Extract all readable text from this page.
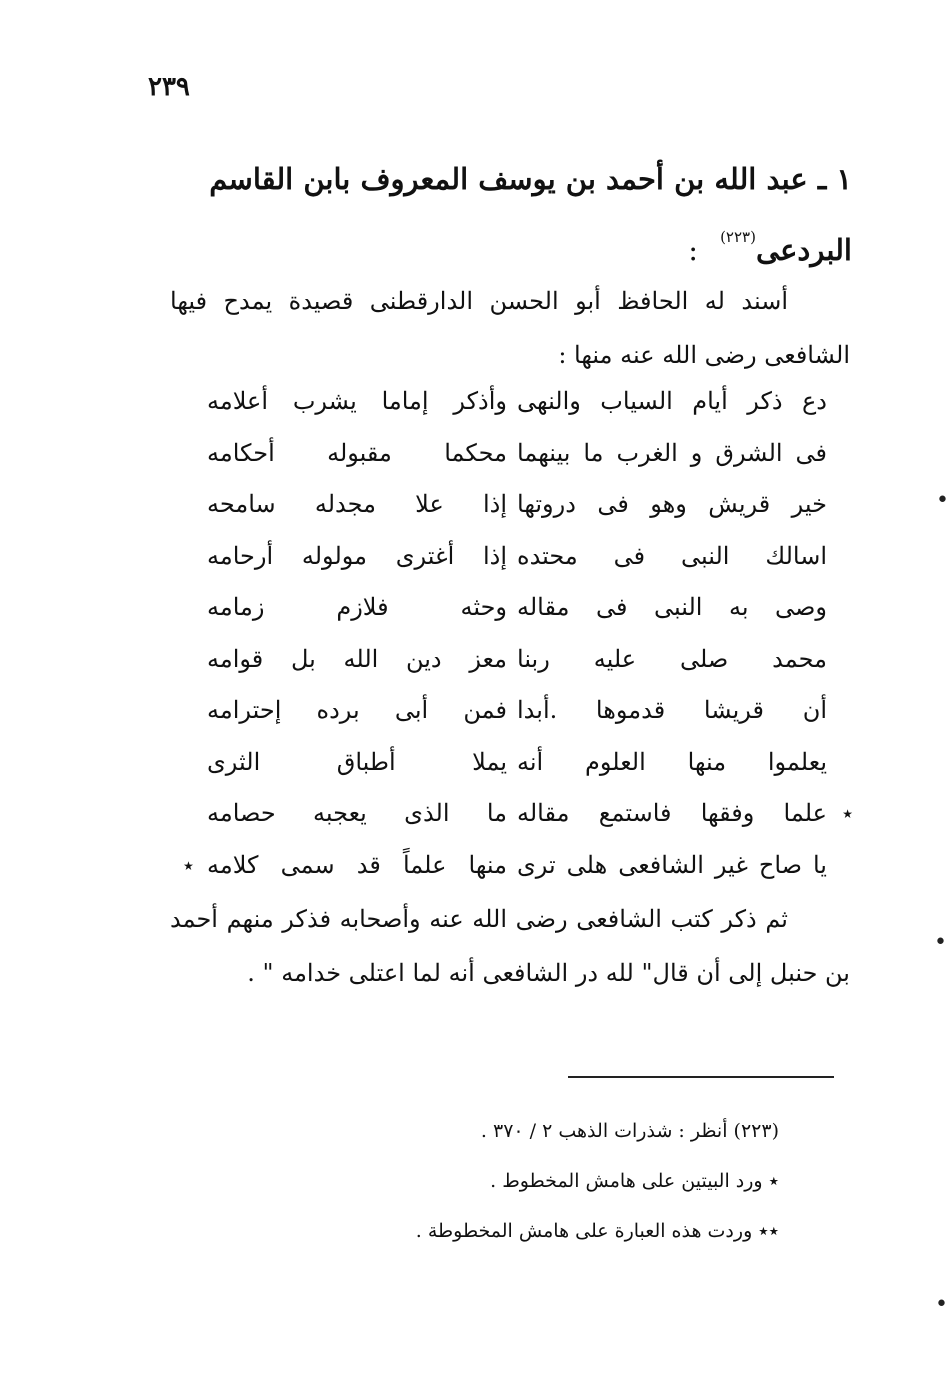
٢٣٩
١ ـ عبد الله بن أحمد بن يوسف المعروف بابن القاسم
البردعى$^{(٢٢٣)}$:
أسند له الحافظ أبو الحسن الدارقطنى قصيدة يمدح فيها الشافعى رضى الله عنه منها :
دع ذكر أيام السياب والنهى
وأذكر إماما يشرب أعلامه
فى الشرق و الغرب ما بينهما
محكما مقبوله أحكامه
خير قريش وهو فى دروتها
إذا علا مجدله سامحه
اسالك النبى فى محتده
إذا أغترى مولوله أرحامه
وصى به النبى فى مقاله
وحثه فلازم زمامه
محمد صلى عليه ربنا
معز دين الله بل قوامه
أن قريشا قدموها .أبدا
فمن أبى برده إحترامه
يعلموا منها العلوم أنه
يملا أطباق الثرى
٭
علما وفقها فاستمع مقاله
ما الذى يعجبه حصامه
يا صاح غير الشافعى هلى ترى
منها علماً قد سمى كلامه
٭
ثم ذكر كتب الشافعى رضى الله عنه وأصحابه فذكر منهم أحمد بن حنبل إلى أن قال" لله در الشافعى أنه لما اعتلى خدامه " .
(٢٢٣) أنظر : شذرات الذهب ٢ / ٣٧٠ .
٭ ورد البيتين على هامش المخطوط .
٭٭ وردت هذه العبارة على هامش المخطوطة .
•
•
•
